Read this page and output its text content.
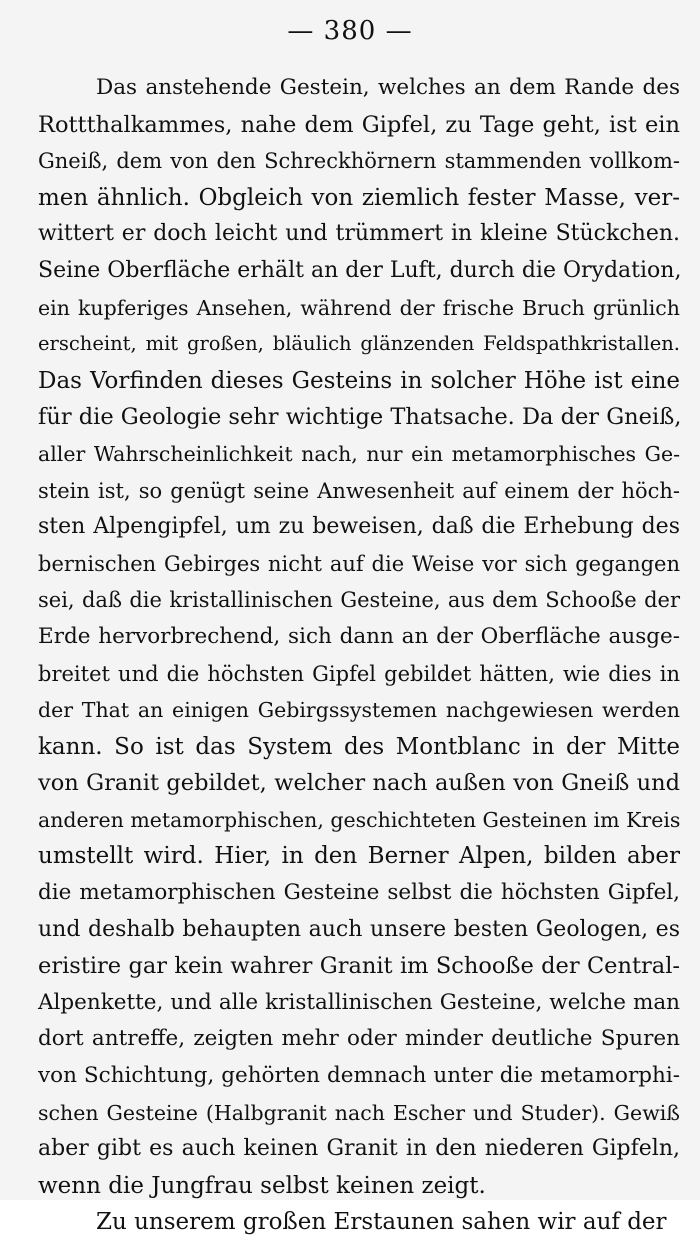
— 380 —
Das anstehende Gestein, welches an dem Rande des
Rottthalkammes, nahe dem Gipfel, zu Tage geht, ist ein
Gneiß, dem von den Schreckhörnern stammenden vollkom-
men ähnlich. Obgleich von ziemlich fester Masse, ver-
wittert er doch leicht und trümmert in kleine Stückchen.
Seine Oberfläche erhält an der Luft, durch die Orydation,
ein kupferiges Ansehen, während der frische Bruch grünlich
erscheint, mit großen, bläulich glänzenden Feldspathkristallen.
Das Vorfinden dieses Gesteins in solcher Höhe ist eine
für die Geologie sehr wichtige Thatsache. Da der Gneiß,
aller Wahrscheinlichkeit nach, nur ein metamorphisches Ge-
stein ist, so genügt seine Anwesenheit auf einem der höch-
sten Alpengipfel, um zu beweisen, daß die Erhebung des
bernischen Gebirges nicht auf die Weise vor sich gegangen
sei, daß die kristallinischen Gesteine, aus dem Schooße der
Erde hervorbrechend, sich dann an der Oberfläche ausge-
breitet und die höchsten Gipfel gebildet hätten, wie dies in
der That an einigen Gebirgssystemen nachgewiesen werden
kann. So ist das System des Montblanc in der Mitte
von Granit gebildet, welcher nach außen von Gneiß und
anderen metamorphischen, geschichteten Gesteinen im Kreis
umstellt wird. Hier, in den Berner Alpen, bilden aber
die metamorphischen Gesteine selbst die höchsten Gipfel,
und deshalb behaupten auch unsere besten Geologen, es
eristire gar kein wahrer Granit im Schooße der Central-
Alpenkette, und alle kristallinischen Gesteine, welche man
dort antreffe, zeigten mehr oder minder deutliche Spuren
von Schichtung, gehörten demnach unter die metamorphi-
schen Gesteine (Halbgranit nach Escher und Studer). Gewiß
aber gibt es auch keinen Granit in den niederen Gipfeln,
wenn die Jungfrau selbst keinen zeigt.
Zu unserem großen Erstaunen sahen wir auf der
